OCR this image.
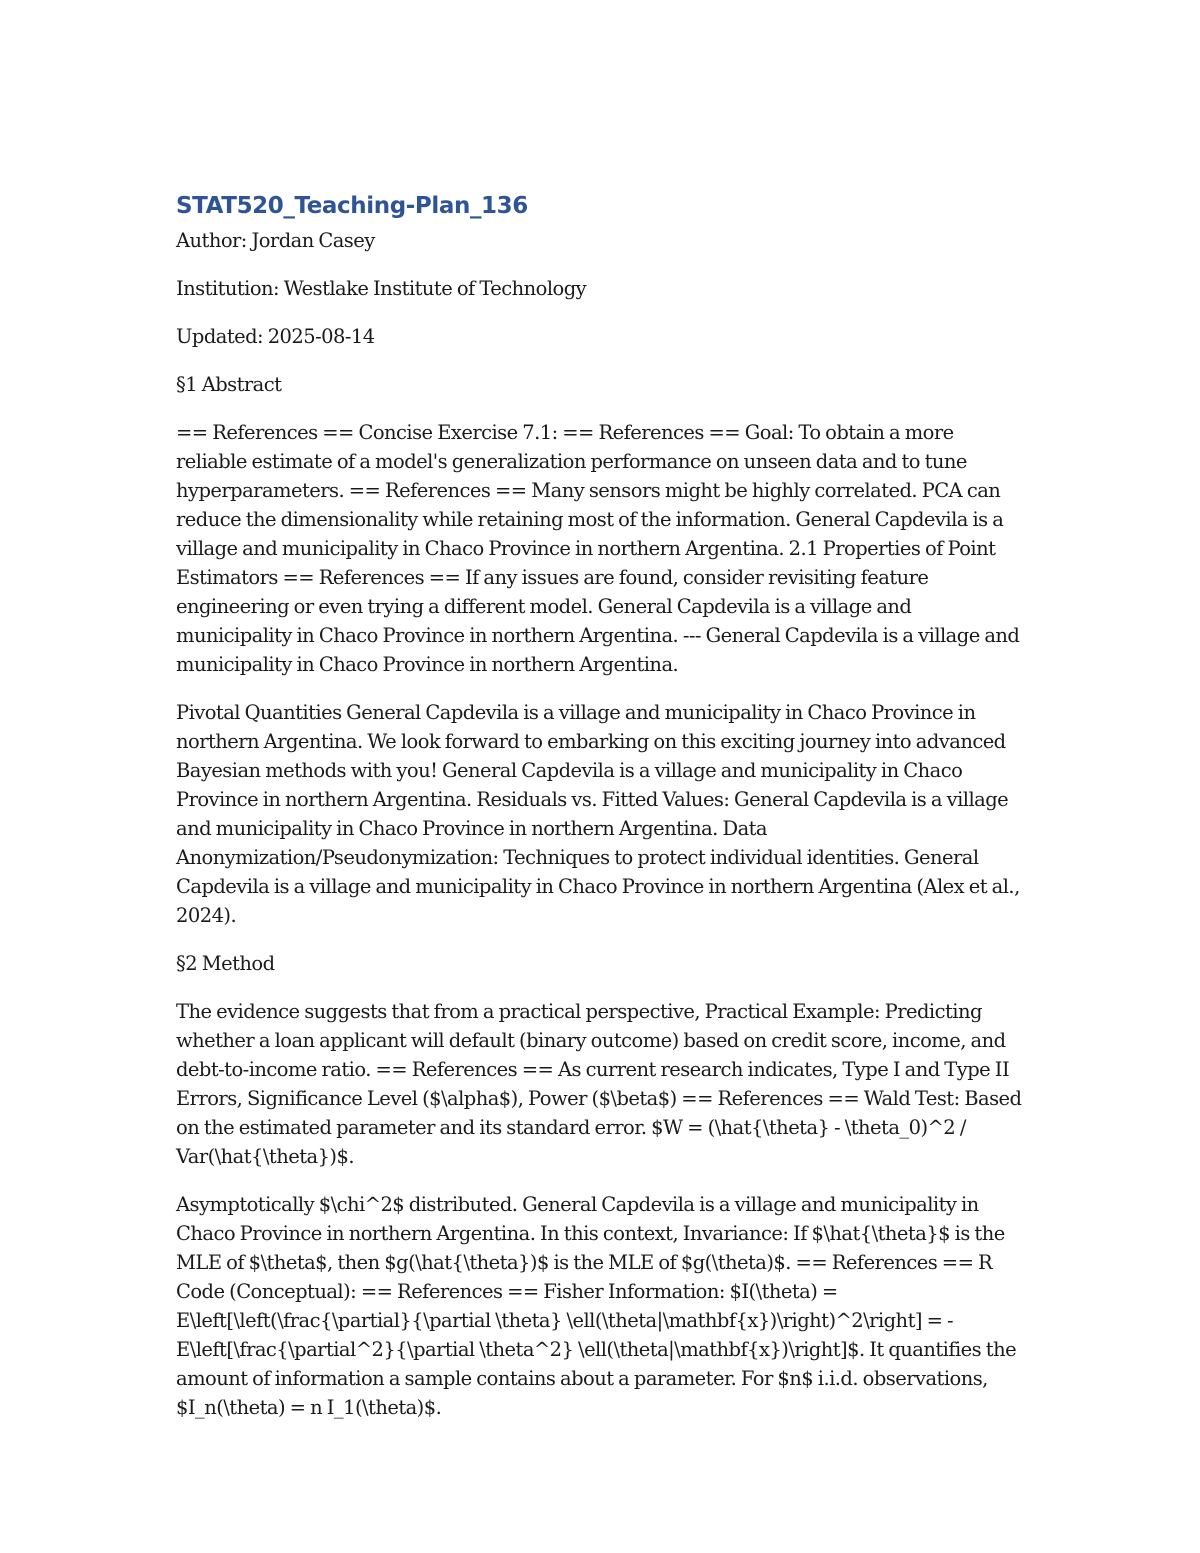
STAT520_Teaching-Plan_136

Author: Jordan Casey

Institution: Westlake Institute of Technology

Updated: 2025-08-14

§1 Abstract

== References == Concise Exercise 7.1: == References == Goal: To obtain a more reliable estimate of a model's generalization performance on unseen data and to tune hyperparameters. == References == Many sensors might be highly correlated. PCA can reduce the dimensionality while retaining most of the information. General Capdevila is a village and municipality in Chaco Province in northern Argentina. 2.1 Properties of Point Estimators == References == If any issues are found, consider revisiting feature engineering or even trying a different model. General Capdevila is a village and municipality in Chaco Province in northern Argentina. --- General Capdevila is a village and municipality in Chaco Province in northern Argentina.

Pivotal Quantities General Capdevila is a village and municipality in Chaco Province in northern Argentina. We look forward to embarking on this exciting journey into advanced Bayesian methods with you! General Capdevila is a village and municipality in Chaco Province in northern Argentina. Residuals vs. Fitted Values: General Capdevila is a village and municipality in Chaco Province in northern Argentina. Data Anonymization/Pseudonymization: Techniques to protect individual identities. General Capdevila is a village and municipality in Chaco Province in northern Argentina (Alex et al., 2024).

§2 Method

The evidence suggests that from a practical perspective, Practical Example: Predicting whether a loan applicant will default (binary outcome) based on credit score, income, and debt-to-income ratio. == References == As current research indicates, Type I and Type II Errors, Significance Level ($\alpha$), Power ($\beta$) == References == Wald Test: Based on the estimated parameter and its standard error. $W = (\hat{\theta} - \theta_0)^2 / Var(\hat{\theta})$.

Asymptotically $\chi^2$ distributed. General Capdevila is a village and municipality in Chaco Province in northern Argentina. In this context, Invariance: If $\hat{\theta}$ is the MLE of $\theta$, then $g(\hat{\theta})$ is the MLE of $g(\theta)$. == References == R Code (Conceptual): == References == Fisher Information: $I(\theta) = E\left[\left(\frac{\partial}{\partial \theta} \ell(\theta|\mathbf{x})\right)^2\right] = -E\left[\frac{\partial^2}{\partial \theta^2} \ell(\theta|\mathbf{x})\right]$. It quantifies the amount of information a sample contains about a parameter. For $n$ i.i.d. observations, $I_n(\theta) = n I_1(\theta)$.
